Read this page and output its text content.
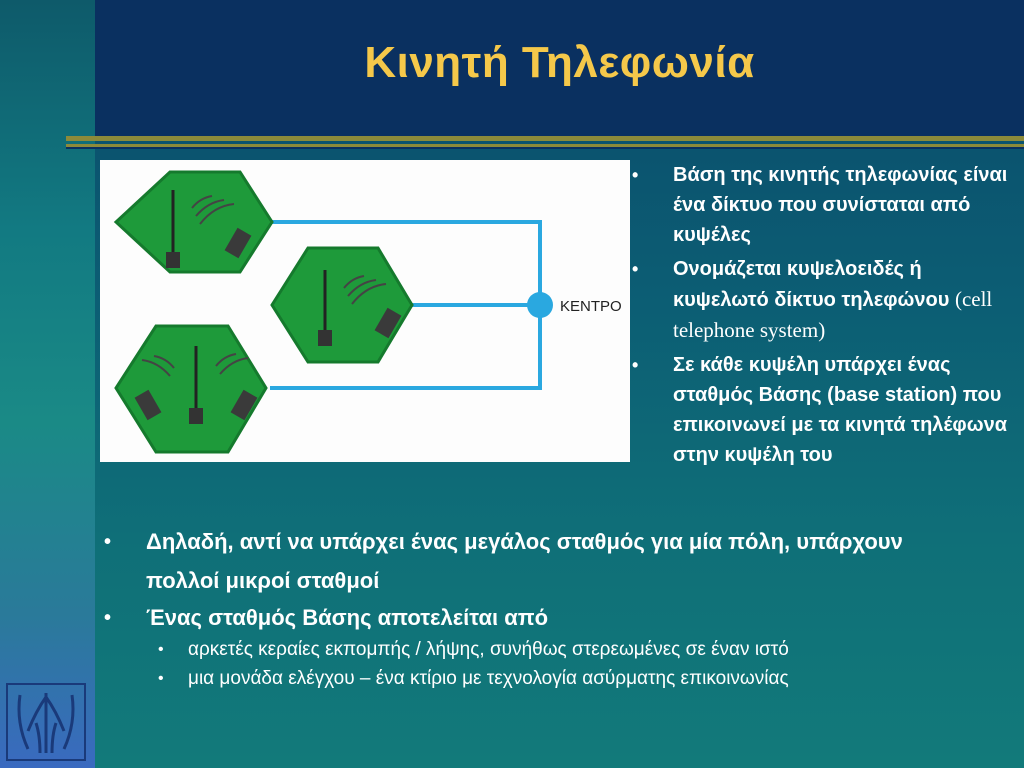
Κινητή Τηλεφωνία
ΚΕΝΤΡΟ
• Βάση της κινητής τηλεφωνίας είναι ένα δίκτυο που συνίσταται από κυψέλες
• Ονομάζεται κυψελοειδές ή κυψελωτό δίκτυο τηλεφώνου (cell telephone system)
• Σε κάθε κυψέλη υπάρχει ένας σταθμός Βάσης (base station) που επικοινωνεί με τα κινητά τηλέφωνα στην κυψέλη του
• Δηλαδή, αντί να υπάρχει ένας μεγάλος σταθμός για μία πόλη, υπάρχουν
πολλοί μικροί σταθμοί
• Ένας σταθμός Βάσης αποτελείται από
• αρκετές κεραίες εκπομπής / λήψης, συνήθως στερεωμένες σε έναν ιστό
• μια μονάδα ελέγχου – ένα κτίριο με τεχνολογία ασύρματης επικοινωνίας
